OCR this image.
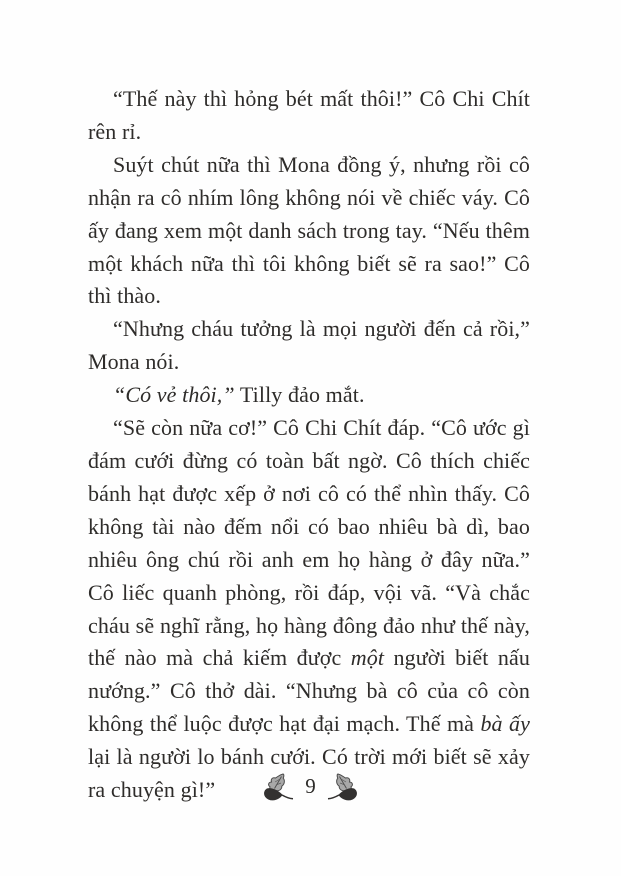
“Thế này thì hỏng bét mất thôi!” Cô Chi Chít rên rỉ.

Suýt chút nữa thì Mona đồng ý, nhưng rồi cô nhận ra cô nhím lông không nói về chiếc váy. Cô ấy đang xem một danh sách trong tay. “Nếu thêm một khách nữa thì tôi không biết sẽ ra sao!” Cô thì thào.

“Nhưng cháu tưởng là mọi người đến cả rồi,” Mona nói.

“Có vẻ thôi,” Tilly đảo mắt.

“Sẽ còn nữa cơ!” Cô Chi Chít đáp. “Cô ước gì đám cưới đừng có toàn bất ngờ. Cô thích chiếc bánh hạt được xếp ở nơi cô có thể nhìn thấy. Cô không tài nào đếm nổi có bao nhiêu bà dì, bao nhiêu ông chú rồi anh em họ hàng ở đây nữa.” Cô liếc quanh phòng, rồi đáp, vội vã. “Và chắc cháu sẽ nghĩ rằng, họ hàng đông đảo như thế này, thế nào mà chả kiếm được một người biết nấu nướng.” Cô thở dài. “Nhưng bà cô của cô còn không thể luộc được hạt đại mạch. Thế mà bà ấy lại là người lo bánh cưới. Có trời mới biết sẽ xảy ra chuyện gì!”	9
